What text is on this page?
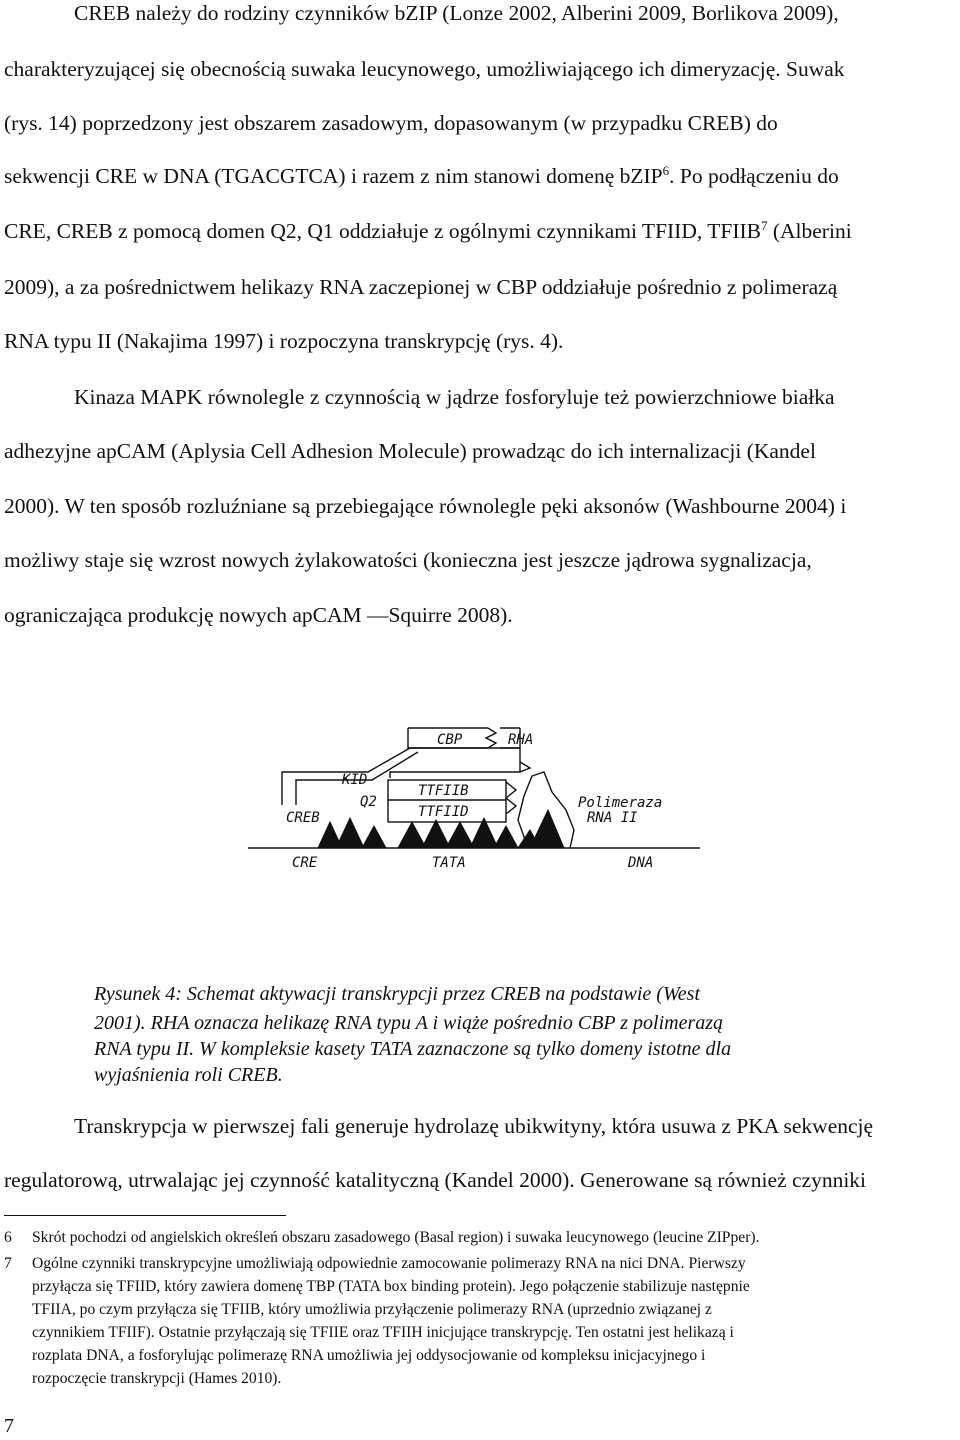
CREB należy do rodziny czynników bZIP (Lonze 2002, Alberini 2009, Borlikova 2009),
charakteryzującej się obecnością suwaka leucynowego, umożliwiającego ich dimeryzację. Suwak
(rys. 14) poprzedzony jest obszarem zasadowym, dopasowanym (w przypadku CREB) do
sekwencji CRE w DNA (TGACGTCA) i razem z nim stanowi domenę bZIP$^6$. Po podłączeniu do
CRE, CREB z pomocą domen Q2, Q1 oddziałuje z ogólnymi czynnikami TFIID, TFIIB$^7$ (Alberini
2009), a za pośrednictwem helikazy RNA zaczepionej w CBP oddziałuje pośrednio z polimerazą
RNA typu II (Nakajima 1997) i rozpoczyna transkrypcję (rys. 4).
Kinaza MAPK równolegle z czynnością w jądrze fosforyluje też powierzchniowe białka
adhezyjne apCAM (Aplysia Cell Adhesion Molecule) prowadząc do ich internalizacji (Kandel
2000). W ten sposób rozluźniane są przebiegające równolegle pęki aksonów (Washbourne 2004) i
możliwy staje się wzrost nowych żylakowatości (konieczna jest jeszcze jądrowa sygnalizacja,
ograniczająca produkcję nowych apCAM —Squirre 2008).
CBP	RHA
KID
Q2
TTFIIB
TTFIID
Polimeraza
RNA II
CREB
CRE	TATA	DNA
Rysunek 4: Schemat aktywacji transkrypcji przez CREB na podstawie (West
2001). RHA oznacza helikazę RNA typu A i wiąże pośrednio CBP z polimerazą
RNA typu II. W kompleksie kasety TATA zaznaczone są tylko domeny istotne dla
wyjaśnienia roli CREB.
Transkrypcja w pierwszej fali generuje hydrolazę ubikwityny, która usuwa z PKA sekwencję
regulatorową, utrwalając jej czynność katalityczną (Kandel 2000). Generowane są również czynniki
6 Skrót pochodzi od angielskich określeń obszaru zasadowego (Basal region) i suwaka leucynowego (leucine ZIPper).
7 Ogólne czynniki transkrypcyjne umożliwiają odpowiednie zamocowanie polimerazy RNA na nici DNA. Pierwszy
przyłącza się TFIID, który zawiera domenę TBP (TATA box binding protein). Jego połączenie stabilizuje następnie
TFIIA, po czym przyłącza się TFIIB, który umożliwia przyłączenie polimerazy RNA (uprzednio związanej z
czynnikiem TFIIF). Ostatnie przyłączają się TFIIE oraz TFIIH inicjujące transkrypcję. Ten ostatni jest helikazą i
rozplata DNA, a fosforylując polimerazę RNA umożliwia jej oddysocjowanie od kompleksu inicjacyjnego i
rozpoczęcie transkrypcji (Hames 2010).
7
